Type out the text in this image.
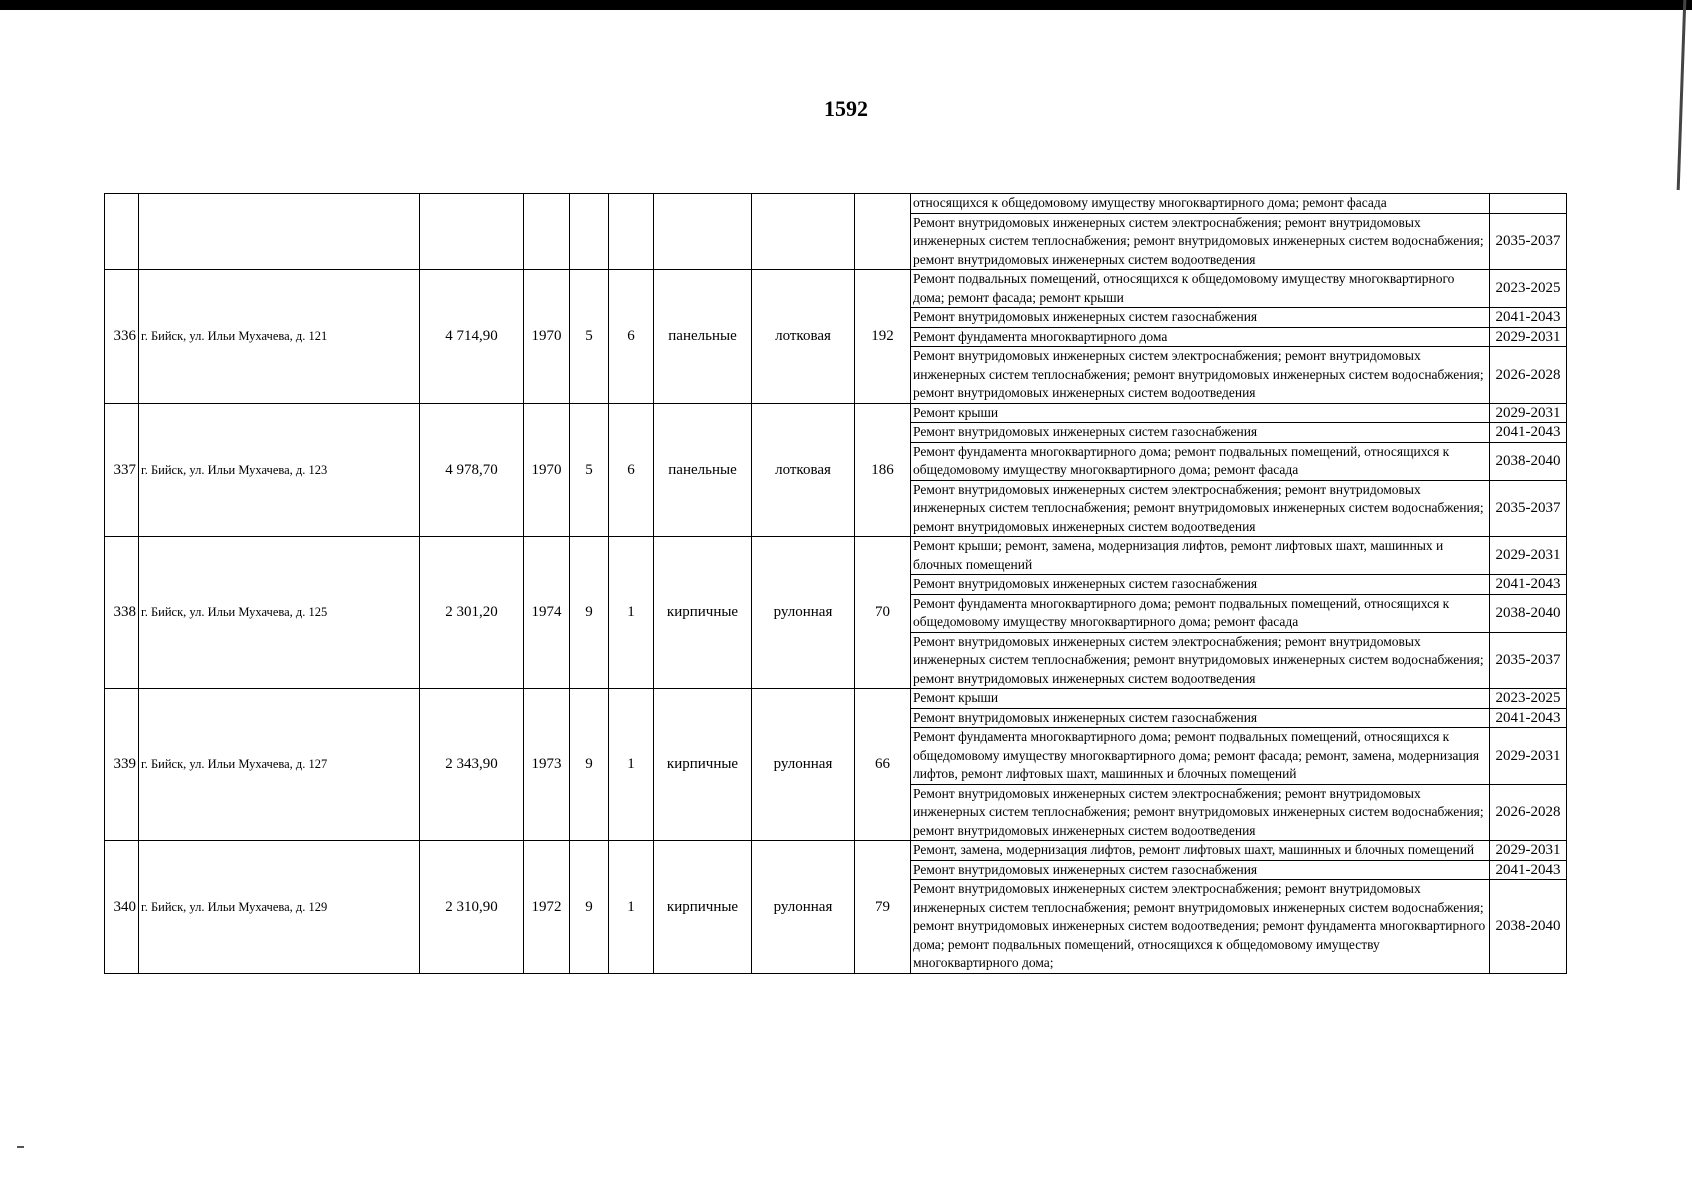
1592
									относящихся к общедомовому имуществу многоквартирного дома; ремонт фасада	
									Ремонт внутридомовых инженерных систем электроснабжения; ремонт внутридомовых инженерных систем теплоснабжения; ремонт внутридомовых инженерных систем водоснабжения; ремонт внутридомовых инженерных систем водоотведения	2035-2037
336	г. Бийск, ул. Ильи Мухачева, д. 121	4 714,90	1970	5	6	панельные	лотковая	192	Ремонт подвальных помещений, относящихся к общедомовому имуществу многоквартирного дома; ремонт фасада; ремонт крыши	2023-2025
									Ремонт внутридомовых инженерных систем газоснабжения	2041-2043
									Ремонт фундамента многоквартирного дома	2029-2031
									Ремонт внутридомовых инженерных систем электроснабжения; ремонт внутридомовых инженерных систем теплоснабжения; ремонт внутридомовых инженерных систем водоснабжения; ремонт внутридомовых инженерных систем водоотведения	2026-2028
337	г. Бийск, ул. Ильи Мухачева, д. 123	4 978,70	1970	5	6	панельные	лотковая	186	Ремонт крыши	2029-2031
									Ремонт внутридомовых инженерных систем газоснабжения	2041-2043
									Ремонт фундамента многоквартирного дома; ремонт подвальных помещений, относящихся к общедомовому имуществу многоквартирного дома; ремонт фасада	2038-2040
									Ремонт внутридомовых инженерных систем электроснабжения; ремонт внутридомовых инженерных систем теплоснабжения; ремонт внутридомовых инженерных систем водоснабжения; ремонт внутридомовых инженерных систем водоотведения	2035-2037
338	г. Бийск, ул. Ильи Мухачева, д. 125	2 301,20	1974	9	1	кирпичные	рулонная	70	Ремонт крыши; ремонт, замена, модернизация лифтов, ремонт лифтовых шахт, машинных и блочных помещений	2029-2031
									Ремонт внутридомовых инженерных систем газоснабжения	2041-2043
									Ремонт фундамента многоквартирного дома; ремонт подвальных помещений, относящихся к общедомовому имуществу многоквартирного дома; ремонт фасада	2038-2040
									Ремонт внутридомовых инженерных систем электроснабжения; ремонт внутридомовых инженерных систем теплоснабжения; ремонт внутридомовых инженерных систем водоснабжения; ремонт внутридомовых инженерных систем водоотведения	2035-2037
339	г. Бийск, ул. Ильи Мухачева, д. 127	2 343,90	1973	9	1	кирпичные	рулонная	66	Ремонт крыши	2023-2025
									Ремонт внутридомовых инженерных систем газоснабжения	2041-2043
									Ремонт фундамента многоквартирного дома; ремонт подвальных помещений, относящихся к общедомовому имуществу многоквартирного дома; ремонт фасада; ремонт, замена, модернизация лифтов, ремонт лифтовых шахт, машинных и блочных помещений	2029-2031
									Ремонт внутридомовых инженерных систем электроснабжения; ремонт внутридомовых инженерных систем теплоснабжения; ремонт внутридомовых инженерных систем водоснабжения; ремонт внутридомовых инженерных систем водоотведения	2026-2028
340	г. Бийск, ул. Ильи Мухачева, д. 129	2 310,90	1972	9	1	кирпичные	рулонная	79	Ремонт, замена, модернизация лифтов, ремонт лифтовых шахт, машинных и блочных помещений	2029-2031
									Ремонт внутридомовых инженерных систем газоснабжения	2041-2043
									Ремонт внутридомовых инженерных систем электроснабжения; ремонт внутридомовых инженерных систем теплоснабжения; ремонт внутридомовых инженерных систем водоснабжения; ремонт внутридомовых инженерных систем водоотведения; ремонт фундамента многоквартирного дома; ремонт подвальных помещений, относящихся к общедомовому имуществу многоквартирного дома;	2038-2040
